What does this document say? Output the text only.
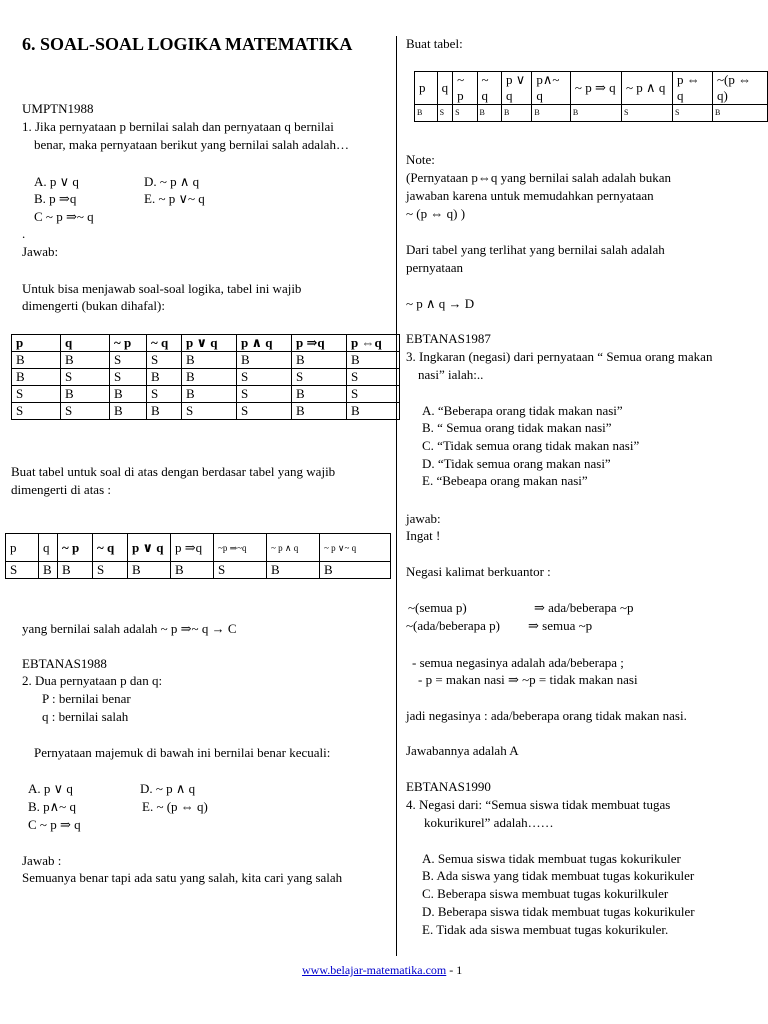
6. SOAL-SOAL LOGIKA MATEMATIKA
UMPTN1988
1. Jika pernyataan p bernilai salah dan pernyataan q bernilai
benar, maka pernyataan berikut yang bernilai salah adalah…
A. p ∨ q	D. ~ p ∧ q
B. p ⇒q	E. ~ p ∨~ q
C ~ p ⇒~ q
.
Jawab:
Untuk bisa menjawab soal-soal logika, tabel ini wajib
dimengerti (bukan dihafal):
p	q	~ p	~ q	p ∨ q	p ∧ q	p ⇒q	p ⇔q
B	B	S	S	B	B	B	B
B	S	S	B	B	S	S	S
S	B	B	S	B	S	B	S
S	S	B	B	S	S	B	B
Buat tabel untuk soal di atas dengan berdasar tabel yang wajib
dimengerti di atas :
p	q	~ p	~ q	p ∨ q	p ⇒q	~p ⇒~q	~ p ∧ q	~ p ∨~ q
S	B	B	S	B	B	S	B	B
yang bernilai salah adalah ~ p ⇒~ q → C
EBTANAS1988
2. Dua pernyataan p dan q:
P : bernilai benar
q : bernilai salah
Pernyataan majemuk di bawah ini bernilai benar kecuali:
A. p ∨ q	D. ~ p ∧ q
B. p∧~ q	E. ~ (p ⇔ q)
C ~ p ⇒ q
Jawab :
Semuanya benar tapi ada satu yang salah, kita cari yang salah
Buat tabel:
p	q	~ p	~ q	p ∨ q	p∧~ q	~ p ⇒ q	~ p ∧ q	p ⇔ q	~(p ⇔ q)
B	S	S	B	B	B	B	S	S	B
Note:
(Pernyataan p⇔q yang bernilai salah adalah bukan
jawaban karena untuk memudahkan pernyataan
~ (p ⇔ q) )
Dari tabel yang terlihat yang bernilai salah adalah
pernyataan
~ p ∧ q → D
EBTANAS1987
3. Ingkaran (negasi) dari pernyataan “ Semua orang makan
nasi” ialah:..
A. “Beberapa orang tidak makan nasi”
B. “ Semua orang tidak makan nasi”
C. “Tidak semua orang tidak makan nasi”
D. “Tidak semua orang makan nasi”
E. “Bebeapa orang makan nasi”
jawab:
Ingat !
Negasi kalimat berkuantor :
~(semua p)	⇒ ada/beberapa ~p
~(ada/beberapa p) ⇒ semua ~p
- semua negasinya adalah ada/beberapa ;
- p = makan nasi ⇒ ~p = tidak makan nasi
jadi negasinya : ada/beberapa orang tidak makan nasi.
Jawabannya adalah A
EBTANAS1990
4. Negasi dari: “Semua siswa tidak membuat tugas
kokurikurel” adalah……
A. Semua siswa tidak membuat tugas kokurikuler
B. Ada siswa yang tidak membuat tugas kokurikuler
C. Beberapa siswa membuat tugas kokurilkuler
D. Beberapa siswa tidak membuat tugas kokurikuler
E. Tidak ada siswa membuat tugas kokurikuler.
www.belajar-matematika.com - 1
